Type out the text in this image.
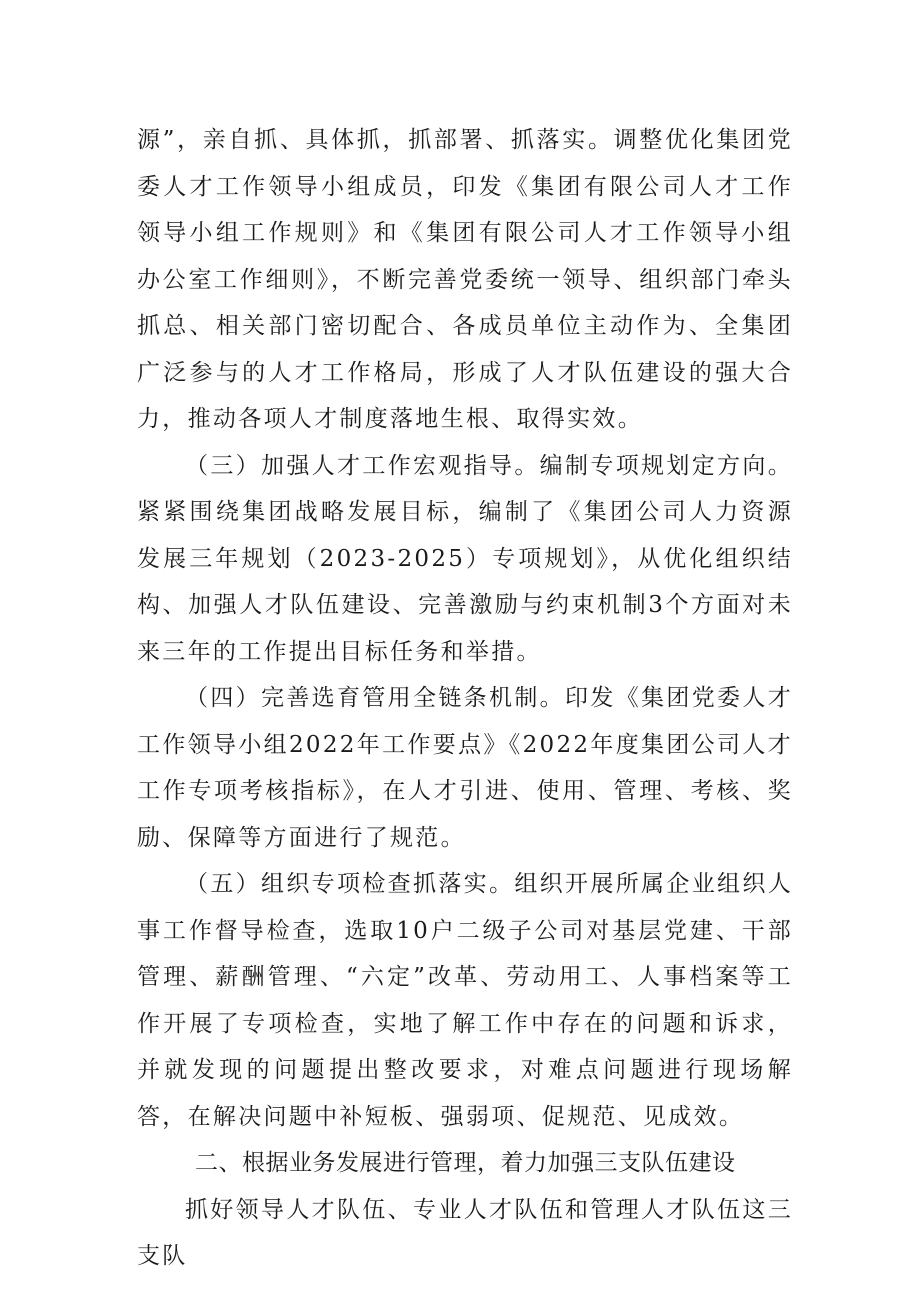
源”，亲自抓、具体抓，抓部署、抓落实。调整优化集团党委人才工作领导小组成员，印发《集团有限公司人才工作领导小组工作规则》和《集团有限公司人才工作领导小组办公室工作细则》，不断完善党委统一领导、组织部门牵头抓总、相关部门密切配合、各成员单位主动作为、全集团广泛参与的人才工作格局，形成了人才队伍建设的强大合力，推动各项人才制度落地生根、取得实效。

（三）加强人才工作宏观指导。编制专项规划定方向。紧紧围绕集团战略发展目标，编制了《集团公司人力资源发展三年规划（2023-2025）专项规划》，从优化组织结构、加强人才队伍建设、完善激励与约束机制3个方面对未来三年的工作提出目标任务和举措。

（四）完善选育管用全链条机制。印发《集团党委人才工作领导小组2022年工作要点》《2022年度集团公司人才工作专项考核指标》，在人才引进、使用、管理、考核、奖励、保障等方面进行了规范。

（五）组织专项检查抓落实。组织开展所属企业组织人事工作督导检查，选取10户二级子公司对基层党建、干部管理、薪酬管理、“六定”改革、劳动用工、人事档案等工作开展了专项检查，实地了解工作中存在的问题和诉求，并就发现的问题提出整改要求，对难点问题进行现场解答，在解决问题中补短板、强弱项、促规范、见成效。

二、根据业务发展进行管理，着力加强三支队伍建设

抓好领导人才队伍、专业人才队伍和管理人才队伍这三支队
